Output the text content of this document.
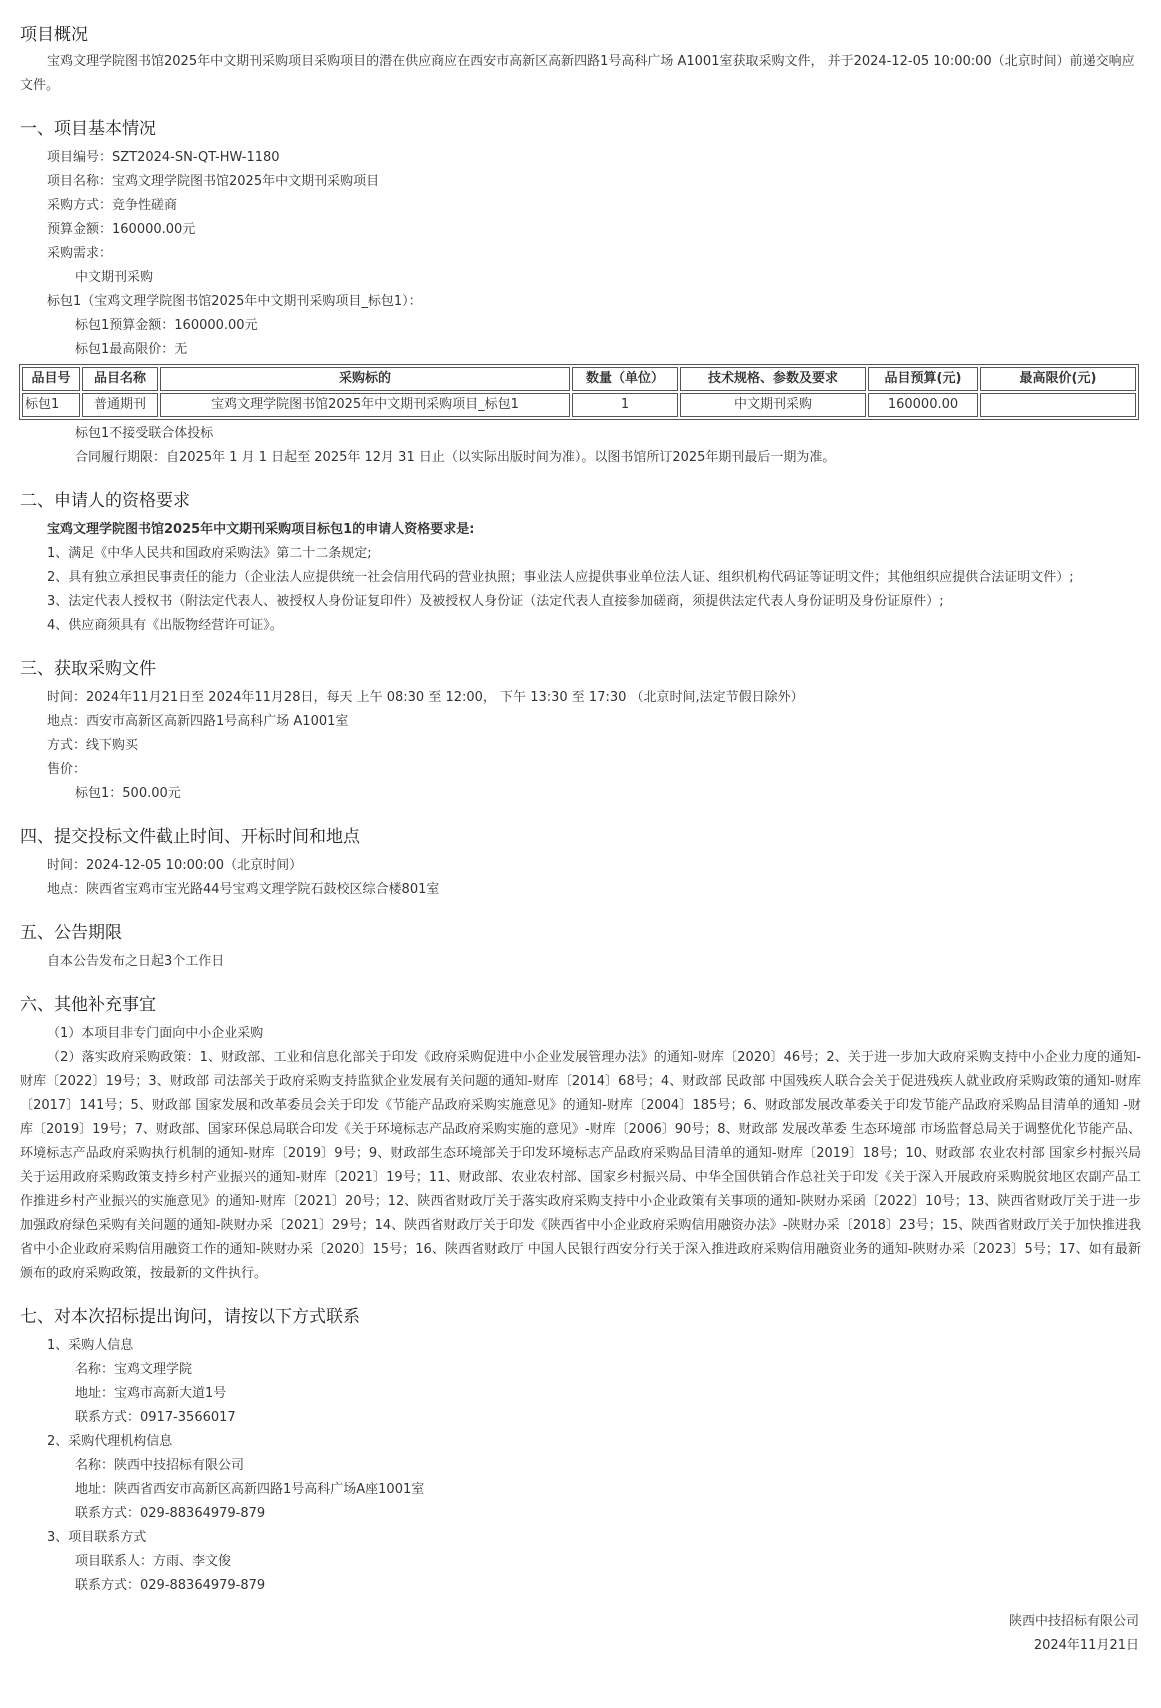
项目概况

宝鸡文理学院图书馆2025年中文期刊采购项目采购项目的潜在供应商应在西安市高新区高新四路1号高科广场 A1001室获取采购文件， 并于2024-12-05 10:00:00（北京时间）前递交响应文件。

一、项目基本情况

项目编号：SZT2024-SN-QT-HW-1180

项目名称：宝鸡文理学院图书馆2025年中文期刊采购项目

采购方式：竞争性磋商

预算金额：160000.00元

采购需求：

中文期刊采购

标包1（宝鸡文理学院图书馆2025年中文期刊采购项目_标包1）：

标包1预算金额：160000.00元

标包1最高限价：无

品目号	品目名称	采购标的	数量（单位）	技术规格、参数及要求	品目预算(元)	最高限价(元)
标包1	普通期刊	宝鸡文理学院图书馆2025年中文期刊采购项目_标包1	1	中文期刊采购	160000.00	

标包1不接受联合体投标

合同履行期限：自2025年 1 月 1 日起至 2025年 12月 31 日止（以实际出版时间为准）。以图书馆所订2025年期刊最后一期为准。

二、申请人的资格要求

宝鸡文理学院图书馆2025年中文期刊采购项目标包1的申请人资格要求是:

1、满足《中华人民共和国政府采购法》第二十二条规定;

2、具有独立承担民事责任的能力（企业法人应提供统一社会信用代码的营业执照；事业法人应提供事业单位法人证、组织机构代码证等证明文件；其他组织应提供合法证明文件）;

3、法定代表人授权书（附法定代表人、被授权人身份证复印件）及被授权人身份证（法定代表人直接参加磋商，须提供法定代表人身份证明及身份证原件）;

4、供应商须具有《出版物经营许可证》。

三、获取采购文件

时间：2024年11月21日至 2024年11月28日，每天 上午 08:30 至 12:00， 下午 13:30 至 17:30 （北京时间,法定节假日除外）

地点：西安市高新区高新四路1号高科广场 A1001室

方式：线下购买

售价：

标包1：500.00元

四、提交投标文件截止时间、开标时间和地点

时间：2024-12-05 10:00:00（北京时间）

地点：陕西省宝鸡市宝光路44号宝鸡文理学院石鼓校区综合楼801室

五、公告期限

自本公告发布之日起3个工作日

六、其他补充事宜

（1）本项目非专门面向中小企业采购

（2）落实政府采购政策：1、财政部、工业和信息化部关于印发《政府采购促进中小企业发展管理办法》的通知-财库〔2020〕46号；2、关于进一步加大政府采购支持中小企业力度的通知-财库〔2022〕19号；3、财政部 司法部关于政府采购支持监狱企业发展有关问题的通知-财库〔2014〕68号；4、财政部 民政部 中国残疾人联合会关于促进残疾人就业政府采购政策的通知-财库〔2017〕141号；5、财政部 国家发展和改革委员会关于印发《节能产品政府采购实施意见》的通知-财库〔2004〕185号；6、财政部发展改革委关于印发节能产品政府采购品目清单的通知 -财库〔2019〕19号；7、财政部、国家环保总局联合印发《关于环境标志产品政府采购实施的意见》-财库〔2006〕90号；8、财政部 发展改革委 生态环境部 市场监督总局关于调整优化节能产品、环境标志产品政府采购执行机制的通知-财库〔2019〕9号；9、财政部生态环境部关于印发环境标志产品政府采购品目清单的通知-财库〔2019〕18号；10、财政部 农业农村部 国家乡村振兴局关于运用政府采购政策支持乡村产业振兴的通知-财库〔2021〕19号；11、财政部、农业农村部、国家乡村振兴局、中华全国供销合作总社关于印发《关于深入开展政府采购脱贫地区农副产品工作推进乡村产业振兴的实施意见》的通知-财库〔2021〕20号；12、陕西省财政厅关于落实政府采购支持中小企业政策有关事项的通知-陕财办采函〔2022〕10号；13、陕西省财政厅关于进一步加强政府绿色采购有关问题的通知-陕财办采〔2021〕29号；14、陕西省财政厅关于印发《陕西省中小企业政府采购信用融资办法》-陕财办采〔2018〕23号；15、陕西省财政厅关于加快推进我省中小企业政府采购信用融资工作的通知-陕财办采〔2020〕15号；16、陕西省财政厅 中国人民银行西安分行关于深入推进政府采购信用融资业务的通知-陕财办采〔2023〕5号；17、如有最新颁布的政府采购政策，按最新的文件执行。

七、对本次招标提出询问，请按以下方式联系

1、采购人信息

名称：宝鸡文理学院

地址：宝鸡市高新大道1号

联系方式：0917-3566017

2、采购代理机构信息

名称：陕西中技招标有限公司

地址：陕西省西安市高新区高新四路1号高科广场A座1001室

联系方式：029-88364979-879

3、项目联系方式

项目联系人：方雨、李文俊

联系方式：029-88364979-879

陕西中技招标有限公司

2024年11月21日
